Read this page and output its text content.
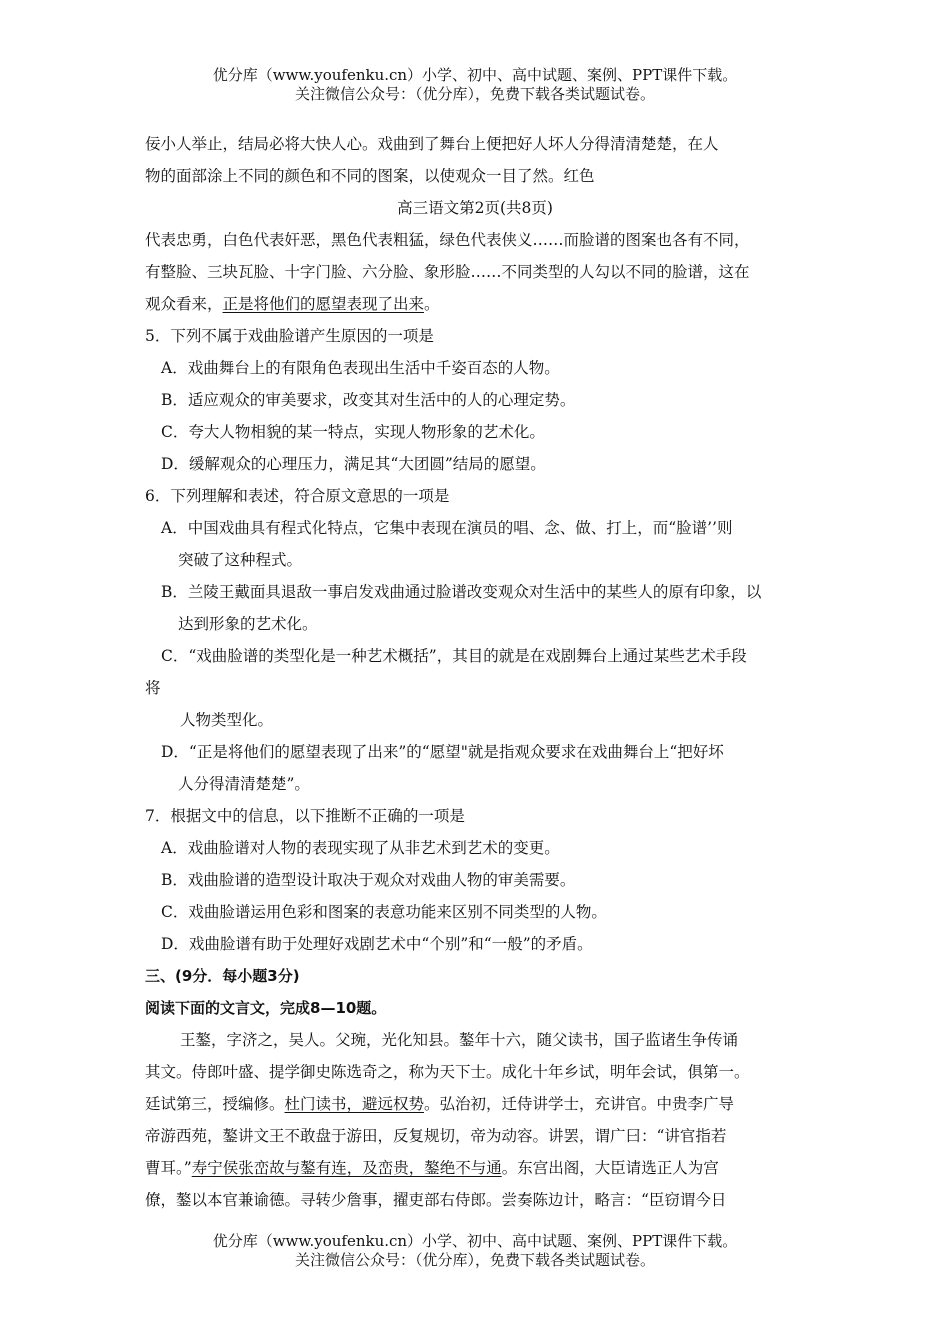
优分库（www.youfenku.cn）小学、初中、高中试题、案例、PPT课件下载。
关注微信公众号：（优分库），免费下载各类试题试卷。
佞小人举止，结局必将大快人心。戏曲到了舞台上便把好人坏人分得清清楚楚，在人
物的面部涂上不同的颜色和不同的图案，以使观众一目了然。红色
高三语文第2页(共8页)
代表忠勇，白色代表奸恶，黑色代表粗猛，绿色代表侠义……而脸谱的图案也各有不同，
有整脸、三块瓦脸、十字门脸、六分脸、象形脸……不同类型的人勾以不同的脸谱，这在
观众看来，正是将他们的愿望表现了出来。
5．下列不属于戏曲脸谱产生原因的一项是
A．戏曲舞台上的有限角色表现出生活中千姿百态的人物。
B．适应观众的审美要求，改变其对生活中的人的心理定势。
C．夸大人物相貌的某一特点，实现人物形象的艺术化。
D．缓解观众的心理压力，满足其“大团圆”结局的愿望。
6．下列理解和表述，符合原文意思的一项是
A．中国戏曲具有程式化特点，它集中表现在演员的唱、念、做、打上，而“脸谱’’则
突破了这种程式。
B．兰陵王戴面具退敌一事启发戏曲通过脸谱改变观众对生活中的某些人的原有印象，以
达到形象的艺术化。
C．“戏曲脸谱的类型化是一种艺术概括”，其目的就是在戏剧舞台上通过某些艺术手段
将
人物类型化。
D．“正是将他们的愿望表现了出来”的“愿望"就是指观众要求在戏曲舞台上“把好坏
人分得清清楚楚”。
7．根据文中的信息，以下推断不正确的一项是
A．戏曲脸谱对人物的表现实现了从非艺术到艺术的变更。
B．戏曲脸谱的造型设计取决于观众对戏曲人物的审美需要。
C．戏曲脸谱运用色彩和图案的表意功能来区别不同类型的人物。
D．戏曲脸谱有助于处理好戏剧艺术中“个别”和“一般”的矛盾。
三、(9分．每小题3分)
阅读下面的文言文，完成8—10题。
王鏊，字济之，吴人。父琬，光化知县。鏊年十六，随父读书，国子监诸生争传诵
其文。侍郎叶盛、提学御史陈选奇之，称为天下士。成化十年乡试，明年会试，俱第一。
廷试第三，授编修。杜门读书，避远权势。弘治初，迁侍讲学士，充讲官。中贵李广导
帝游西苑，鏊讲文王不敢盘于游田，反复规切，帝为动容。讲罢，谓广曰：“讲官指若
曹耳。”寿宁侯张峦故与鏊有连，及峦贵，鏊绝不与通。东宫出阁，大臣请选正人为宫
僚，鏊以本官兼谕德。寻转少詹事，擢吏部右侍郎。尝奏陈边计，略言：“臣窃谓今日
优分库（www.youfenku.cn）小学、初中、高中试题、案例、PPT课件下载。
关注微信公众号：（优分库），免费下载各类试题试卷。
